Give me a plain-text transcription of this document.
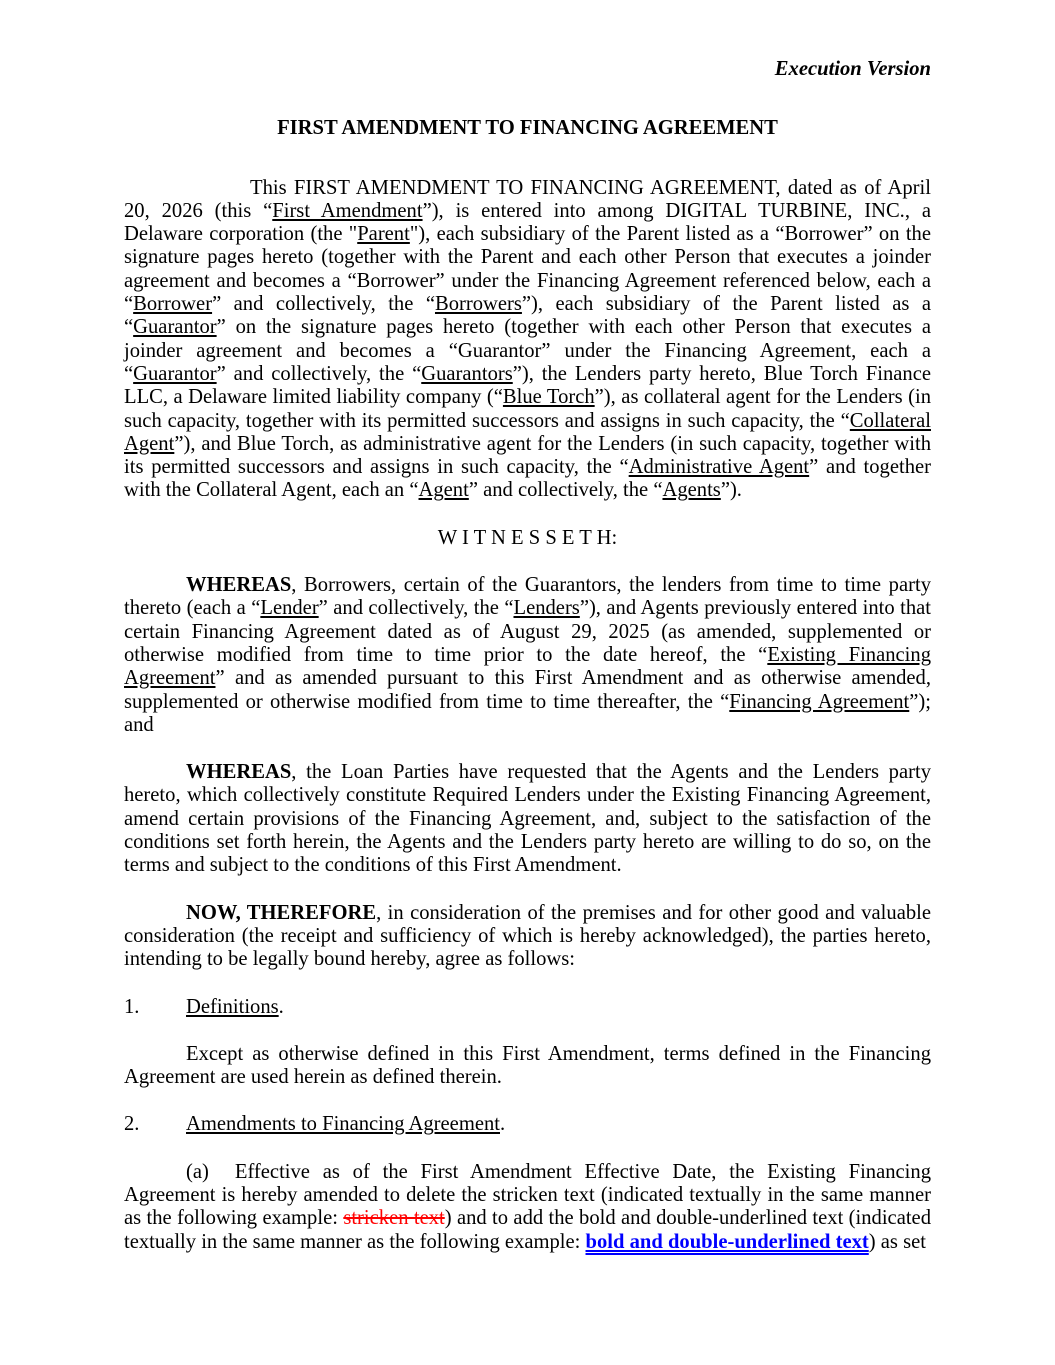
Execution Version
FIRST AMENDMENT TO FINANCING AGREEMENT
This FIRST AMENDMENT TO FINANCING AGREEMENT, dated as of April 20, 2026 (this “First Amendment”), is entered into among DIGITAL TURBINE, INC., a Delaware corporation (the "Parent"), each subsidiary of the Parent listed as a “Borrower” on the signature pages hereto (together with the Parent and each other Person that executes a joinder agreement and becomes a “Borrower” under the Financing Agreement referenced below, each a “Borrower” and collectively, the “Borrowers”), each subsidiary of the Parent listed as a “Guarantor” on the signature pages hereto (together with each other Person that executes a joinder agreement and becomes a “Guarantor” under the Financing Agreement, each a “Guarantor” and collectively, the “Guarantors”), the Lenders party hereto, Blue Torch Finance LLC, a Delaware limited liability company (“Blue Torch”), as collateral agent for the Lenders (in such capacity, together with its permitted successors and assigns in such capacity, the “Collateral Agent”), and Blue Torch, as administrative agent for the Lenders (in such capacity, together with its permitted successors and assigns in such capacity, the “Administrative Agent” and together with the Collateral Agent, each an “Agent” and collectively, the “Agents”).
W I T N E S S E T H:
WHEREAS, Borrowers, certain of the Guarantors, the lenders from time to time party thereto (each a “Lender” and collectively, the “Lenders”), and Agents previously entered into that certain Financing Agreement dated as of August 29, 2025 (as amended, supplemented or otherwise modified from time to time prior to the date hereof, the “Existing Financing Agreement” and as amended pursuant to this First Amendment and as otherwise amended, supplemented or otherwise modified from time to time thereafter, the “Financing Agreement”); and
WHEREAS, the Loan Parties have requested that the Agents and the Lenders party hereto, which collectively constitute Required Lenders under the Existing Financing Agreement, amend certain provisions of the Financing Agreement, and, subject to the satisfaction of the conditions set forth herein, the Agents and the Lenders party hereto are willing to do so, on the terms and subject to the conditions of this First Amendment.
NOW, THEREFORE, in consideration of the premises and for other good and valuable consideration (the receipt and sufficiency of which is hereby acknowledged), the parties hereto, intending to be legally bound hereby, agree as follows:
1. Definitions.
Except as otherwise defined in this First Amendment, terms defined in the Financing Agreement are used herein as defined therein.
2. Amendments to Financing Agreement.
(a) Effective as of the First Amendment Effective Date, the Existing Financing Agreement is hereby amended to delete the stricken text (indicated textually in the same manner as the following example: stricken text) and to add the bold and double-underlined text (indicated textually in the same manner as the following example: bold and double-underlined text) as set
